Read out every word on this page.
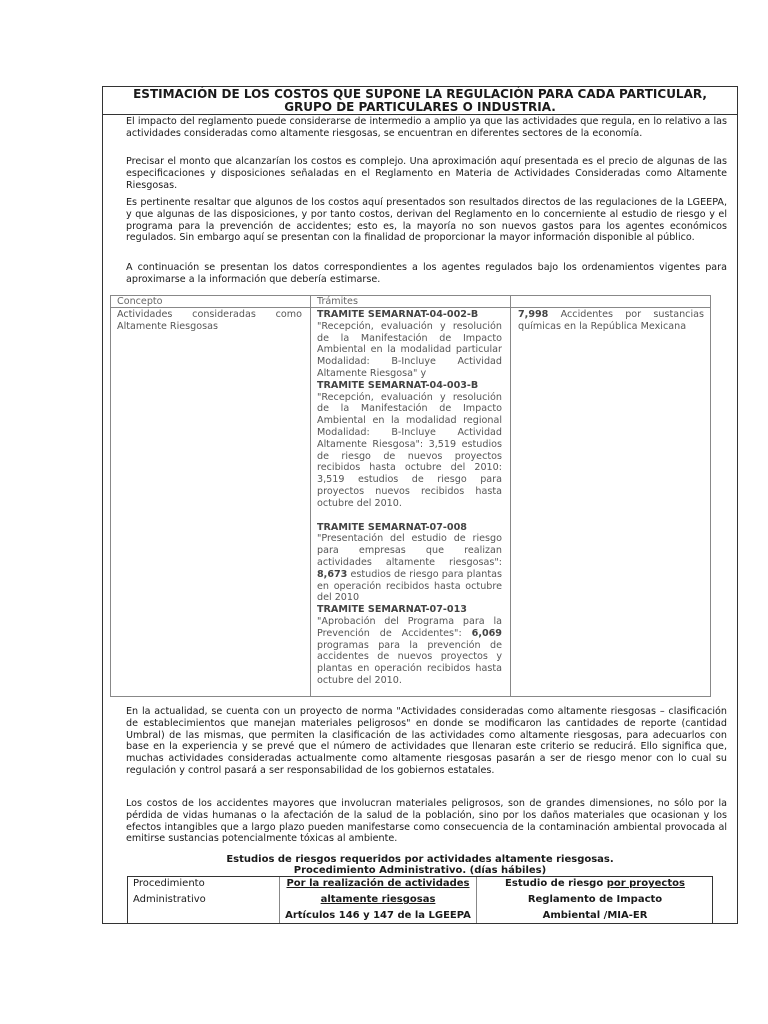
ESTIMACIÓN DE LOS COSTOS QUE SUPONE LA REGULACIÓN PARA CADA PARTICULAR,
GRUPO DE PARTICULARES O INDUSTRIA.

El impacto del reglamento puede considerarse de intermedio a amplio ya que las actividades que regula, en lo relativo a las actividades consideradas como altamente riesgosas, se encuentran en diferentes sectores de la economía.

Precisar el monto que alcanzarían los costos es complejo. Una aproximación aquí presentada es el precio de algunas de las especificaciones y disposiciones señaladas en el Reglamento en Materia de Actividades Consideradas como Altamente Riesgosas.

Es pertinente resaltar que algunos de los costos aquí presentados son resultados directos de las regulaciones de la LGEEPA, y que algunas de las disposiciones, y por tanto costos, derivan del Reglamento en lo concerniente al estudio de riesgo y el programa para la prevención de accidentes; esto es, la mayoría no son nuevos gastos para los agentes económicos regulados. Sin embargo aquí se presentan con la finalidad de proporcionar la mayor información disponible al público.

A continuación se presentan los datos correspondientes a los agentes regulados bajo los ordenamientos vigentes para aproximarse a la información que debería estimarse.

Concepto	Trámites

Actividades consideradas como Altamente Riesgosas

TRAMITE SEMARNAT-04-002-B
"Recepción, evaluación y resolución de la Manifestación de Impacto Ambiental en la modalidad particular Modalidad: B-Incluye Actividad Altamente Riesgosa" y
TRAMITE SEMARNAT-04-003-B
"Recepción, evaluación y resolución de la Manifestación de Impacto Ambiental en la modalidad regional Modalidad: B-Incluye Actividad Altamente Riesgosa": 3,519 estudios de riesgo de nuevos proyectos recibidos hasta octubre del 2010: 3,519 estudios de riesgo para proyectos nuevos recibidos hasta octubre del 2010.
TRAMITE SEMARNAT-07-008
"Presentación del estudio de riesgo para empresas que realizan actividades altamente riesgosas": 8,673 estudios de riesgo para plantas en operación recibidos hasta octubre del 2010
TRAMITE SEMARNAT-07-013
"Aprobación del Programa para la Prevención de Accidentes": 6,069 programas para la prevención de accidentes de nuevos proyectos y plantas en operación recibidos hasta octubre del 2010.
7,998 Accidentes por sustancias químicas en la República Mexicana

En la actualidad, se cuenta con un proyecto de norma "Actividades consideradas como altamente riesgosas – clasificación de establecimientos que manejan materiales peligrosos" en donde se modificaron las cantidades de reporte (cantidad Umbral) de las mismas, que permiten la clasificación de las actividades como altamente riesgosas, para adecuarlos con base en la experiencia y se prevé que el número de actividades que llenaran este criterio se reducirá. Ello significa que, muchas actividades consideradas actualmente como altamente riesgosas pasarán a ser de riesgo menor con lo cual su regulación y control pasará a ser responsabilidad de los gobiernos estatales.

Los costos de los accidentes mayores que involucran materiales peligrosos, son de grandes dimensiones, no sólo por la pérdida de vidas humanas o la afectación de la salud de la población, sino por los daños materiales que ocasionan y los efectos intangibles que a largo plazo pueden manifestarse como consecuencia de la contaminación ambiental provocada al emitirse sustancias potencialmente tóxicas al ambiente.

Estudios de riesgos requeridos por actividades altamente riesgosas.
Procedimiento Administrativo. (días hábiles)
Procedimiento
Administrativo
Por la realización de actividades
altamente riesgosas
Artículos 146 y 147 de la LGEEPA
Estudio de riesgo por proyectos
Reglamento de Impacto
Ambiental /MIA-ER
